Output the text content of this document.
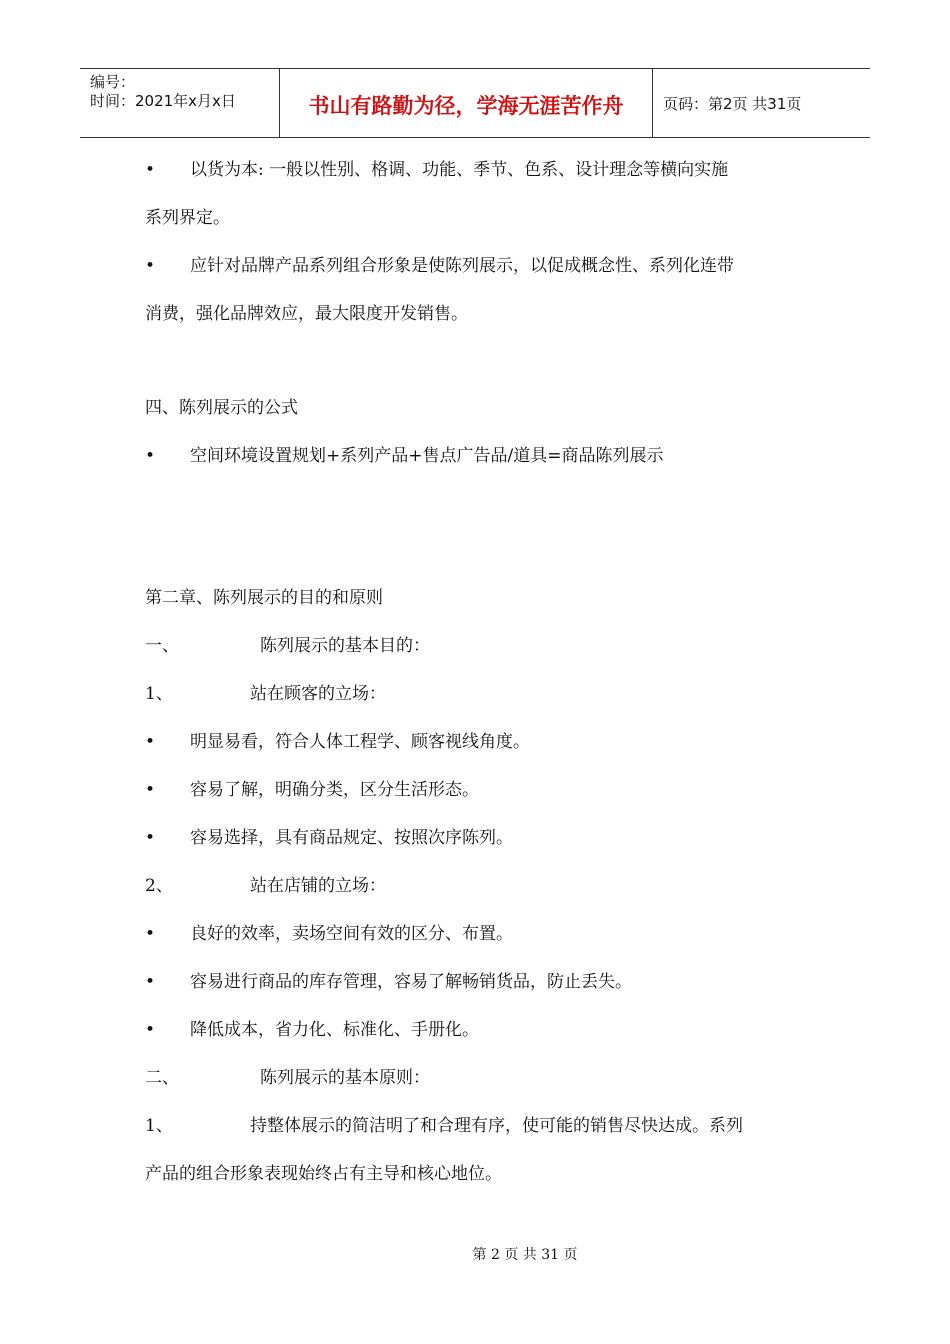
编号：
时间：2021年x月x日	书山有路勤为径，学海无涯苦作舟	页码：第2页 共31页
• 以货为本: 一般以性别、格调、功能、季节、色系、设计理念等横向实施
系列界定。
• 应针对品牌产品系列组合形象是使陈列展示，以促成概念性、系列化连带
消费，强化品牌效应，最大限度开发销售。
四、陈列展示的公式
• 空间环境设置规划+系列产品+售点广告品/道具=商品陈列展示
第二章、陈列展示的目的和原则
一、	陈列展示的基本目的：
1、	站在顾客的立场：
• 明显易看，符合人体工程学、顾客视线角度。
• 容易了解，明确分类，区分生活形态。
• 容易选择，具有商品规定、按照次序陈列。
2、	站在店铺的立场：
• 良好的效率，卖场空间有效的区分、布置。
• 容易进行商品的库存管理，容易了解畅销货品，防止丢失。
• 降低成本，省力化、标准化、手册化。
二、	陈列展示的基本原则：
1、	持整体展示的简洁明了和合理有序，使可能的销售尽快达成。系列
产品的组合形象表现始终占有主导和核心地位。
第 2 页 共 31 页
